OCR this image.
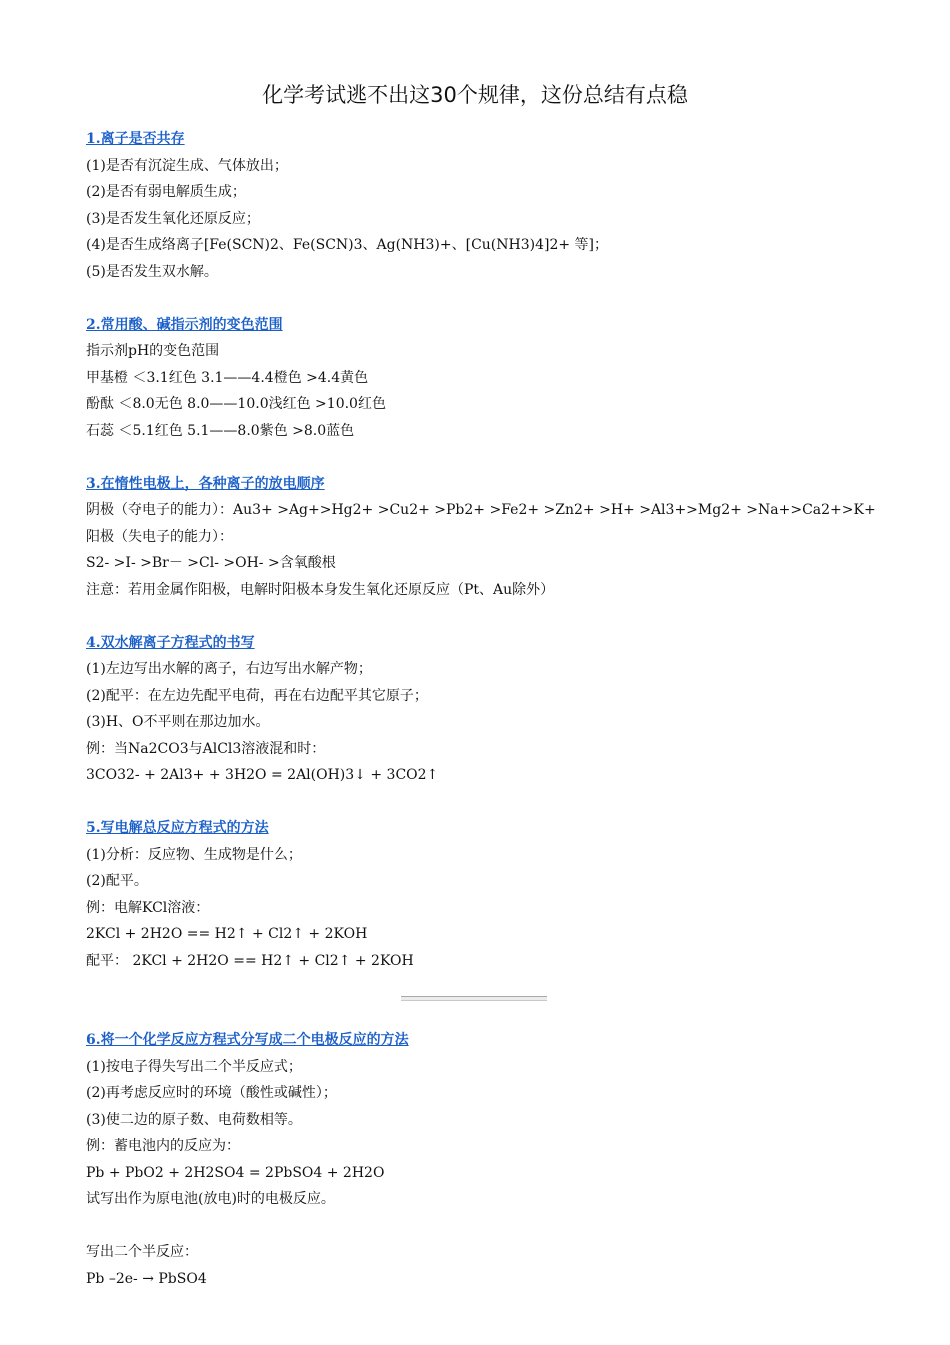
化学考试逃不出这30个规律，这份总结有点稳
1.离子是否共存
(1)是否有沉淀生成、气体放出；
(2)是否有弱电解质生成；
(3)是否发生氧化还原反应；
(4)是否生成络离子[Fe(SCN)2、Fe(SCN)3、Ag(NH3)+、[Cu(NH3)4]2+ 等]；
(5)是否发生双水解。
2.常用酸、碱指示剂的变色范围
指示剂pH的变色范围
甲基橙 ＜3.1红色 3.1——4.4橙色 >4.4黄色
酚酞 ＜8.0无色 8.0——10.0浅红色 >10.0红色
石蕊 ＜5.1红色 5.1——8.0紫色 >8.0蓝色
3.在惰性电极上，各种离子的放电顺序
阴极（夺电子的能力）：Au3+ >Ag+>Hg2+ >Cu2+ >Pb2+ >Fe2+ >Zn2+ >H+ >Al3+>Mg2+ >Na+>Ca2+>K+
阳极（失电子的能力）：
S2- >I- >Br－ >Cl- >OH- >含氧酸根
注意：若用金属作阳极，电解时阳极本身发生氧化还原反应（Pt、Au除外）
4.双水解离子方程式的书写
(1)左边写出水解的离子，右边写出水解产物；
(2)配平：在左边先配平电荷，再在右边配平其它原子；
(3)H、O不平则在那边加水。
例：当Na2CO3与AlCl3溶液混和时：
3CO32- + 2Al3+ + 3H2O = 2Al(OH)3↓ + 3CO2↑
5.写电解总反应方程式的方法
(1)分析：反应物、生成物是什么；
(2)配平。
例：电解KCl溶液：
2KCl + 2H2O == H2↑ + Cl2↑ + 2KOH
配平： 2KCl + 2H2O == H2↑ + Cl2↑ + 2KOH
6.将一个化学反应方程式分写成二个电极反应的方法
(1)按电子得失写出二个半反应式；
(2)再考虑反应时的环境（酸性或碱性）；
(3)使二边的原子数、电荷数相等。
例：蓄电池内的反应为：
Pb + PbO2 + 2H2SO4 = 2PbSO4 + 2H2O
试写出作为原电池(放电)时的电极反应。
写出二个半反应：
Pb –2e- → PbSO4
